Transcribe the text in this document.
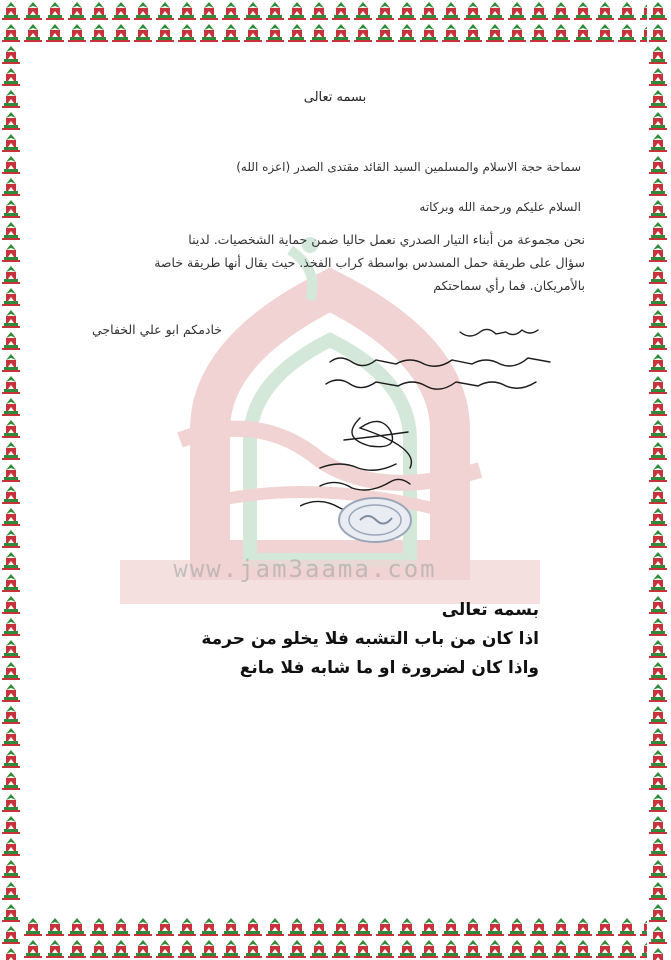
www.jam3aama.com
بسمه تعالى
سماحة حجة الاسلام والمسلمين السيد القائد مقتدى الصدر (اعزه الله)
السلام عليكم ورحمة الله وبركاته
نحن مجموعة من أبناء التيار الصدري نعمل حاليا ضمن حماية الشخصيات. لدينا
سؤال على طريقة حمل المسدس بواسطة كراب الفخذ. حيث يقال أنها طريقة خاصة
بالأمريكان. فما رأي سماحتكم
خادمكم ابو علي الخفاجي
بسمه تعالى
اذا كان من باب التشبه فلا يخلو من حرمة
واذا كان لضرورة او ما شابه فلا مانع
